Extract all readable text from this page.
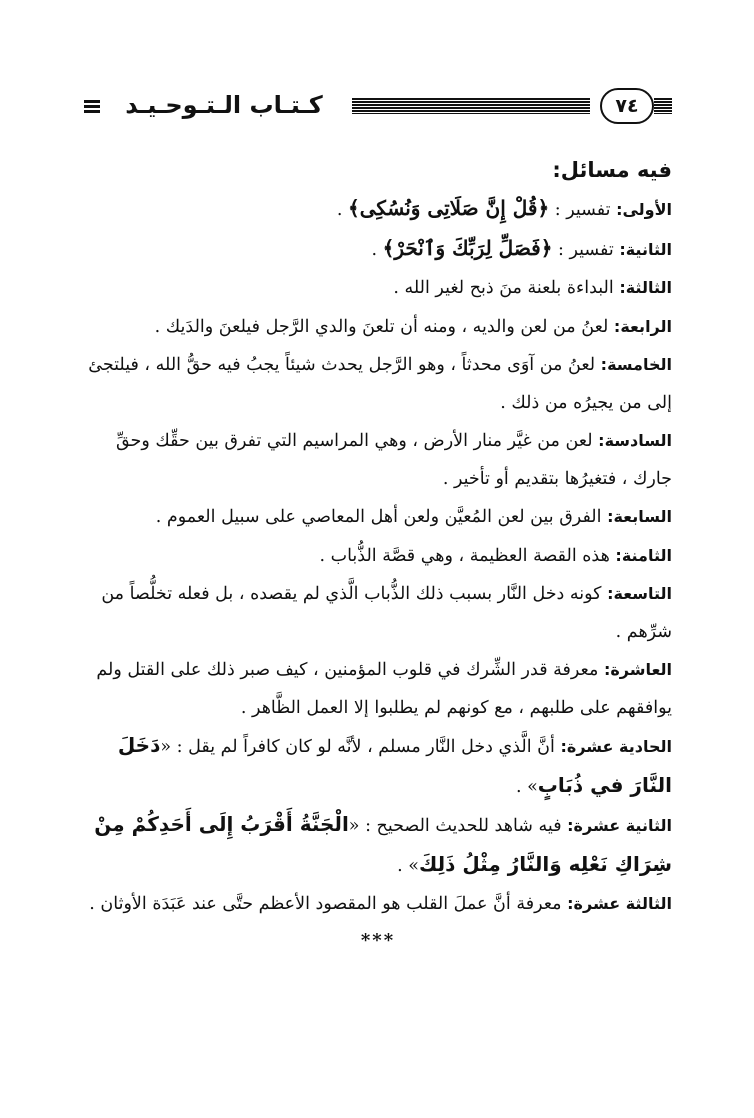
كـتـاب الـتـوحـيـد	٧٤

فيه مسائل:

الأولى: تفسير : ﴿قُلْ إِنَّ صَلَاتِى وَنُسُكِى﴾ .

الثانية: تفسير : ﴿فَصَلِّ لِرَبِّكَ وَٱنْحَرْ﴾ .

الثالثة: البداءة بلعنة منَ ذبح لغير الله .

الرابعة: لعنُ من لعن والديه ، ومنه أن تلعنَ والدي الرَّجل فيلعنَ والدَيك .

الخامسة: لعنُ من آوَى محدثاً ، وهو الرَّجل يحدث شيئاً يجبُ فيه حقُّ الله ، فيلتجئ إلى من يجيرُه من ذلك .

السادسة: لعن من غيَّر منار الأرض ، وهي المراسيم التي تفرق بين حقِّك وحقِّ جارك ، فتغيرُها بتقديم أو تأخير .

السابعة: الفرق بين لعن المُعيَّن ولعن أهل المعاصي على سبيل العموم .

الثامنة: هذه القصة العظيمة ، وهي قصَّة الذُّباب .

التاسعة: كونه دخل النَّار بسبب ذلك الذُّباب الَّذي لم يقصده ، بل فعله تخلُّصاً من شرِّهم .

العاشرة: معرفة قدر الشِّرك في قلوب المؤمنين ، كيف صبر ذلك على القتل ولم يوافقهم على طلبهم ، مع كونهم لم يطلبوا إلا العمل الظَّاهر .

الحادية عشرة: أنَّ الَّذي دخل النَّار مسلم ، لأنَّه لو كان كافراً لم يقل : «دَخَلَ النَّارَ في ذُبَابٍ» .

الثانية عشرة: فيه شاهد للحديث الصحيح : «الْجَنَّةُ أَقْرَبُ إِلَى أَحَدِكُمْ مِنْ شِرَاكِ نَعْلِه وَالنَّارُ مِثْلُ ذَلِكَ» .

الثالثة عشرة: معرفة أنَّ عملَ القلب هو المقصود الأعظم حتَّى عند عَبَدَة الأوثان .

***
